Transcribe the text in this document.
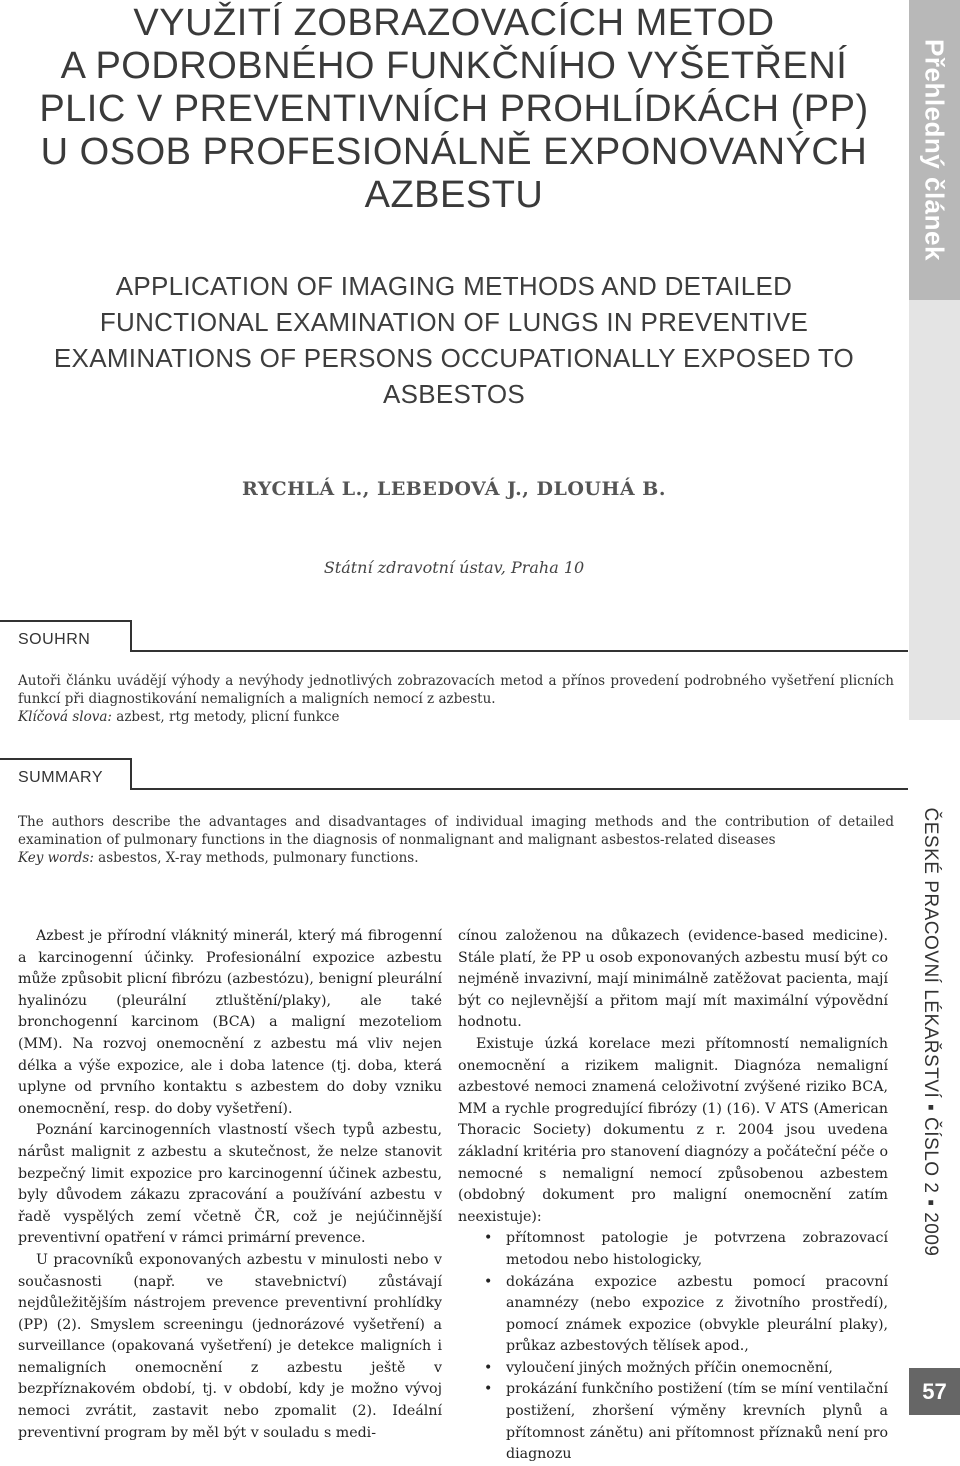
VYUŽITÍ ZOBRAZOVACÍCH METOD
A PODROBNÉHO FUNKČNÍHO VYŠETŘENÍ
PLIC V PREVENTIVNÍCH PROHLÍDKÁCH (PP)
U OSOB PROFESIONÁLNĚ EXPONOVANÝCH
AZBESTU
APPLICATION OF IMAGING METHODS AND DETAILED
FUNCTIONAL EXAMINATION OF LUNGS IN PREVENTIVE
EXAMINATIONS OF PERSONS OCCUPATIONALLY EXPOSED TO
ASBESTOS
RYCHLÁ L., LEBEDOVÁ J., DLOUHÁ B.
Státní zdravotní ústav, Praha 10
SOUHRN

Autoři článku uvádějí výhody a nevýhody jednotlivých zobrazovacích metod a přínos provedení podrobného vyšetření plicních funkcí při diagnostikování nemaligních a maligních nemocí z azbestu.

Klíčová slova: azbest, rtg metody, plicní funkce

SUMMARY

The authors describe the advantages and disadvantages of individual imaging methods and the contribution of detailed examination of pulmonary functions in the diagnosis of nonmalignant and malignant asbestos-related diseases

Key words: asbestos, X-ray methods, pulmonary functions.

Azbest je přírodní vláknitý minerál, který má fibrogenní a karcinogenní účinky. Profesionální expozice azbestu může způsobit plicní fibrózu (azbestózu), benigní pleurální hyalinózu (pleurální ztluštění/plaky), ale také bronchogenní karcinom (BCA) a maligní mezoteliom (MM). Na rozvoj onemocnění z azbestu má vliv nejen délka a výše expozice, ale i doba latence (tj. doba, která uplyne od prvního kontaktu s azbestem do doby vzniku onemocnění, resp. do doby vyšetření).

Poznání karcinogenních vlastností všech typů azbestu, nárůst malignit z azbestu a skutečnost, že nelze stanovit bezpečný limit expozice pro karcinogenní účinek azbestu, byly důvodem zákazu zpracování a používání azbestu v řadě vyspělých zemí včetně ČR, což je nejúčinnější preventivní opatření v rámci primární prevence.

U pracovníků exponovaných azbestu v minulosti nebo v současnosti (např. ve stavebnictví) zůstávají nejdůležitějším nástrojem prevence preventivní prohlídky (PP) (2). Smyslem screeningu (jednorázové vyšetření) a surveillance (opakovaná vyšetření) je detekce maligních i nemaligních onemocnění z azbestu ještě v bezpříznakovém období, tj. v období, kdy je možno vývoj nemoci zvrátit, zastavit nebo zpomalit (2). Ideální preventivní program by měl být v souladu s medi-

cínou založenou na důkazech (evidence-based medicine). Stále platí, že PP u osob exponovaných azbestu musí být co nejméně invazivní, mají minimálně zatěžovat pacienta, mají být co nejlevnější a přitom mají mít maximální výpovědní hodnotu.

Existuje úzká korelace mezi přítomností nemaligních onemocnění a rizikem malignit. Diagnóza nemaligní azbestové nemoci znamená celoživotní zvýšené riziko BCA, MM a rychle progredující fibrózy (1) (16). V ATS (American Thoracic Society) dokumentu z r. 2004 jsou uvedena základní kritéria pro stanovení diagnózy a počáteční péče o nemocné s nemaligní nemocí způsobenou azbestem (obdobný dokument pro maligní onemocnění zatím neexistuje):

• přítomnost patologie je potvrzena zobrazovací metodou nebo histologicky,
• dokázána expozice azbestu pomocí pracovní anamnézy (nebo expozice z životního prostředí), pomocí známek expozice (obvykle pleurální plaky), průkaz azbestových tělísek apod.,
• vyloučení jiných možných příčin onemocnění,
• prokázání funkčního postižení (tím se míní ventilační postižení, zhoršení výměny krevních plynů a přítomnost zánětu) ani přítomnost příznaků není pro diagnozu
Přehledný článek
ČESKÉ PRACOVNÍ LÉKAŘSTVÍ ▪ ČÍSLO 2 ▪ 2009
57
